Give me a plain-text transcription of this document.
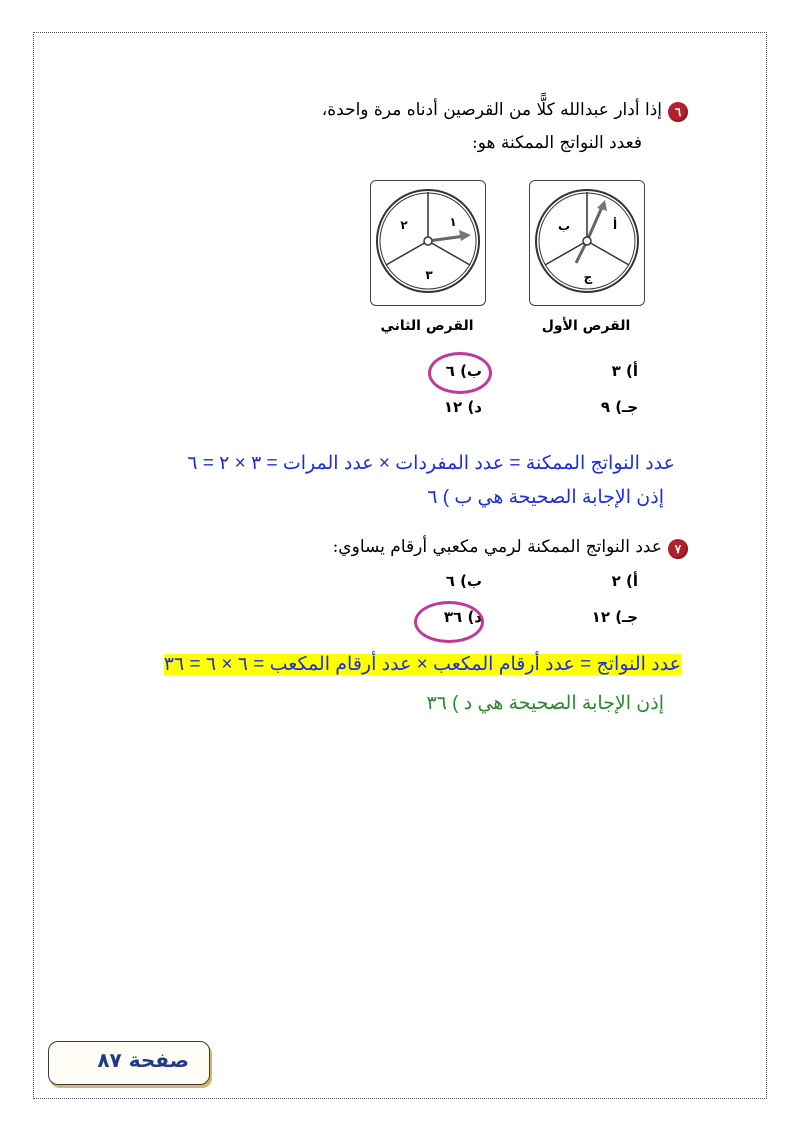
٦
إذا أدار عبدالله كلًّا من القرصين أدناه مرة واحدة،
فعدد النواتج الممكنة هو:
٢	١
٣
ب	أ
ج
القرص الثاني	القرص الأول
أ) ٣
ب) ٦
جـ) ٩
د) ١٢
عدد النواتج الممكنة = عدد المفردات × عدد المرات = ٣ × ٢ = ٦
إذن الإجابة الصحيحة هي ب ) ٦
٧
عدد النواتج الممكنة لرمي مكعبي أرقام يساوي:
أ) ٢
ب) ٦
جـ) ١٢
د) ٣٦
عدد النواتج = عدد أرقام المكعب × عدد أرقام المكعب = ٦ × ٦ = ٣٦
إذن الإجابة الصحيحة هي د ) ٣٦
صفحة ٨٧
